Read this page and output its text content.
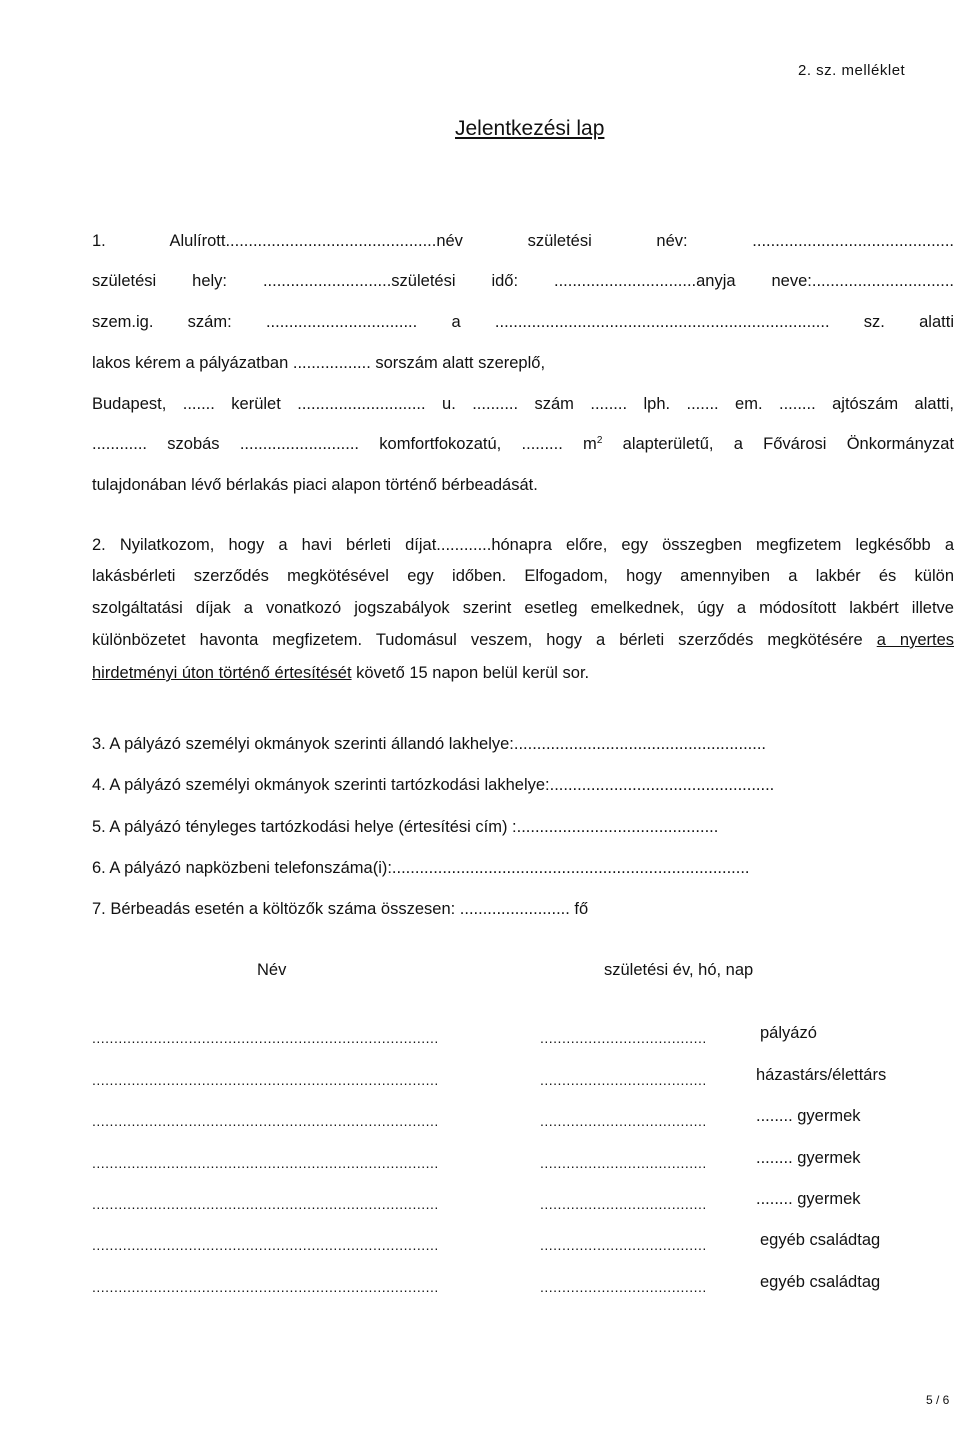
2. sz. melléklet
Jelentkezési lap
1. Alulírott..............................................név születési név: ............................................
születési hely: ............................születési idő: ...............................anyja neve:...............................
szem.ig. szám: ................................. a ......................................................................... sz. alatti
lakos kérem a pályázatban ................. sorszám alatt szereplő,
Budapest, ....... kerület ............................ u. .......... szám ........ lph. ....... em. ........ ajtószám alatti,
............ szobás .......................... komfortfokozatú, ......... $m^2$ alapterületű, a Fővárosi Önkormányzat
tulajdonában lévő bérlakás piaci alapon történő bérbeadását.
2. Nyilatkozom, hogy a havi bérleti díjat............hónapra előre, egy összegben megfizetem legkésőbb a
lakásbérleti szerződés megkötésével egy időben. Elfogadom, hogy amennyiben a lakbér és külön
szolgáltatási díjak a vonatkozó jogszabályok szerint esetleg emelkednek, úgy a módosított lakbért illetve
különbözetet havonta megfizetem. Tudomásul veszem, hogy a bérleti szerződés megkötésére a nyertes
hirdetményi úton történő értesítését követő 15 napon belül kerül sor.
3. A pályázó személyi okmányok szerinti állandó lakhelye:.......................................................
4. A pályázó személyi okmányok szerinti tartózkodási lakhelye:.................................................
5. A pályázó tényleges tartózkodási helye (értesítési cím) :............................................
6. A pályázó napközbeni telefonszáma(i):..............................................................................
7. Bérbeadás esetén a költözők száma összesen: ........................ fő
Név	születési év, hó, nap
...............................................................................	......................................	pályázó
...............................................................................	......................................	házastárs/élettárs
...............................................................................	......................................	........ gyermek
...............................................................................	......................................	........ gyermek
...............................................................................	......................................	........ gyermek
...............................................................................	......................................	egyéb családtag
...............................................................................	......................................	egyéb családtag
5 / 6
